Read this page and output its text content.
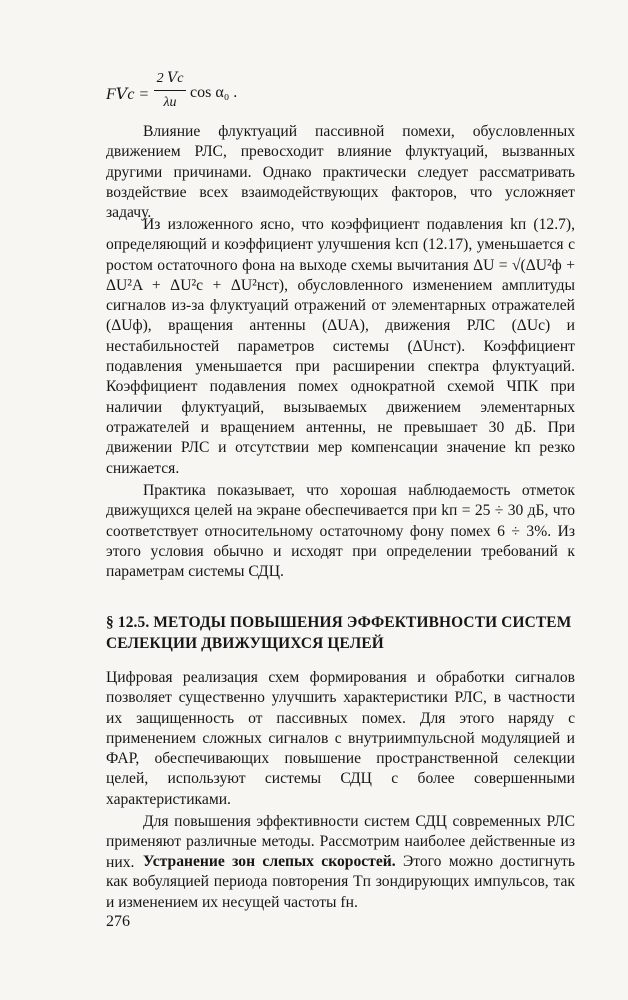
F𝑉c =
2 𝑉c
λи
cos α₀ .

Влияние флуктуаций пассивной помехи, обусловленных движением РЛС, превосходит влияние флуктуаций, вызванных другими причинами. Однако практически следует рассматривать воздействие всех взаимодействующих факторов, что усложняет задачу.

Из изложенного ясно, что коэффициент подавления kп (12.7), определяющий и коэффициент улучшения kсп (12.17), уменьшается с ростом остаточного фона на выходе схемы вычитания ΔU = √(ΔU²ф + ΔU²A + ΔU²c + ΔU²нст), обусловленного изменением амплитуды сигналов из-за флуктуаций отражений от элементарных отражателей (ΔUф), вращения антенны (ΔUA), движения РЛС (ΔUc) и нестабильностей параметров системы (ΔUнст). Коэффициент подавления уменьшается при расширении спектра флуктуаций. Коэффициент подавления помех однократной схемой ЧПК при наличии флуктуаций, вызываемых движением элементарных отражателей и вращением антенны, не превышает 30 дБ. При движении РЛС и отсутствии мер компенсации значение kп резко снижается.

Практика показывает, что хорошая наблюдаемость отметок движущихся целей на экране обеспечивается при kп = 25 ÷ 30 дБ, что соответствует относительному остаточному фону помех 6 ÷ 3%. Из этого условия обычно и исходят при определении требований к параметрам системы СДЦ.

§ 12.5. МЕТОДЫ ПОВЫШЕНИЯ ЭФФЕКТИВНОСТИ СИСТЕМ СЕЛЕКЦИИ ДВИЖУЩИХСЯ ЦЕЛЕЙ

Цифровая реализация схем формирования и обработки сигналов позволяет существенно улучшить характеристики РЛС, в частности их защищенность от пассивных помех. Для этого наряду с применением сложных сигналов с внутриимпульсной модуляцией и ФАР, обеспечивающих повышение пространственной селекции целей, используют системы СДЦ с более совершенными характеристиками.

Для повышения эффективности систем СДЦ современных РЛС применяют различные методы. Рассмотрим наиболее действенные из них. Устранение зон слепых скоростей. Этого можно достигнуть как вобуляцией периода повторения Tп зондирующих импульсов, так и изменением их несущей частоты fн.

276
